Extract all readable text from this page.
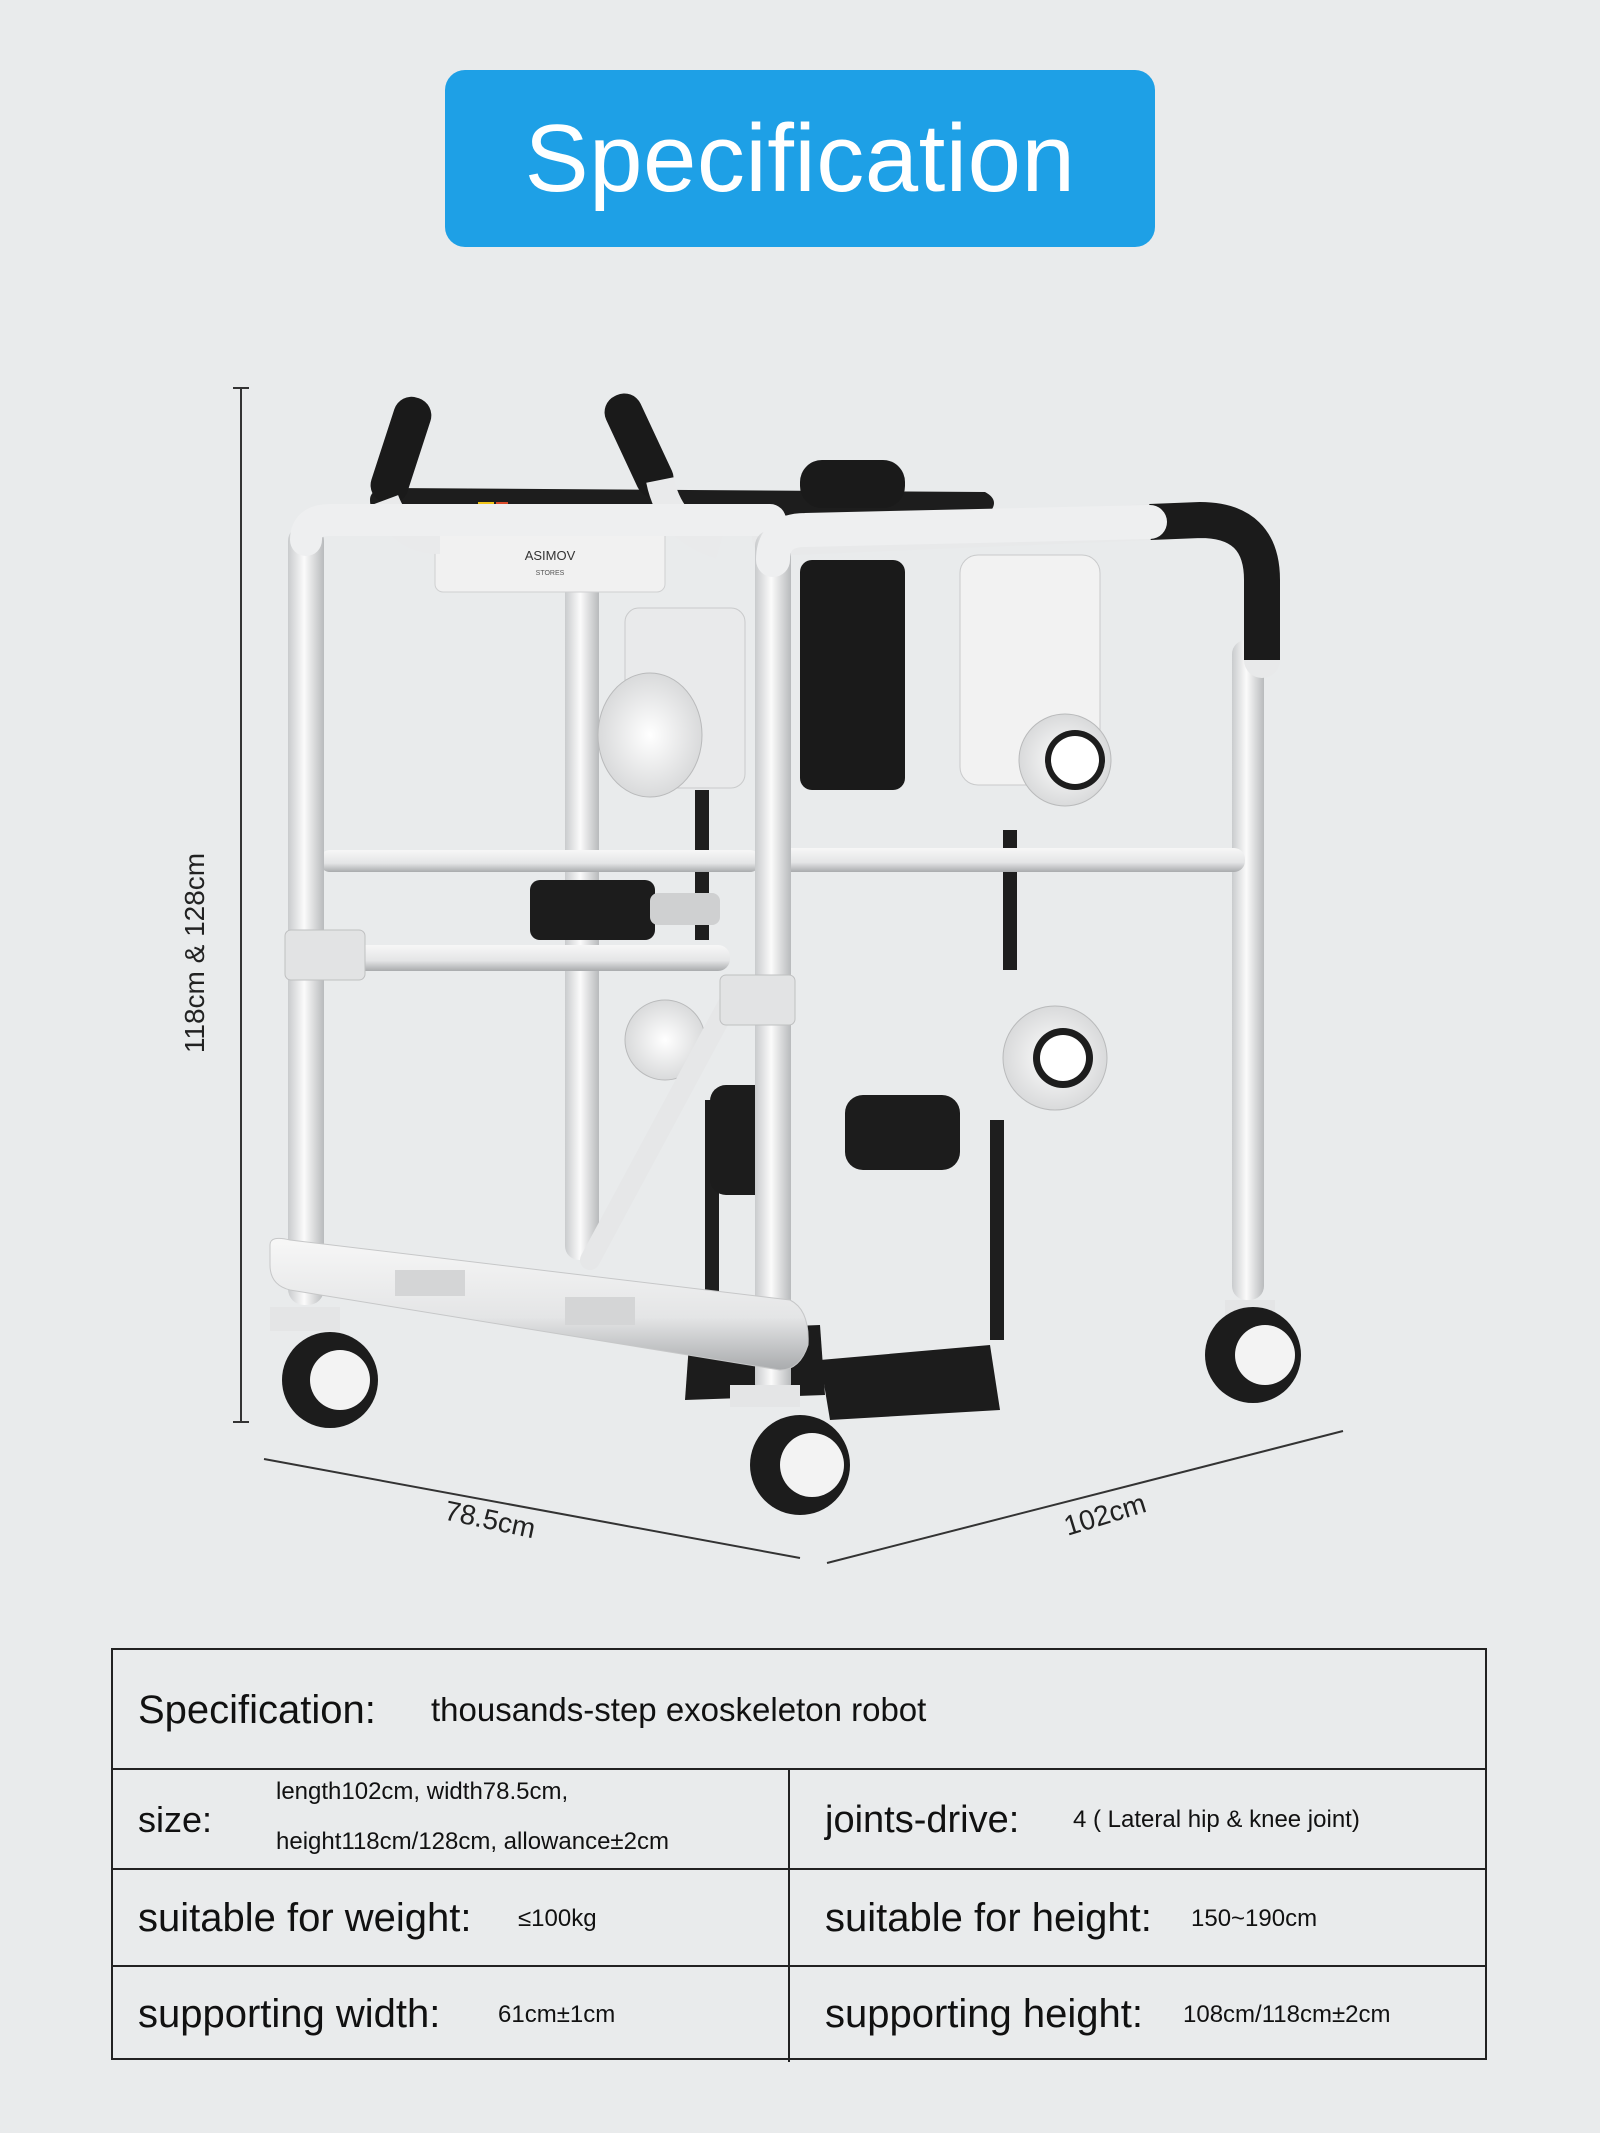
Specification
ASIMOV
STORES
118cm & 128cm
78.5cm	102cm
Specification: thousands-step exoskeleton robot
size:
length102cm, width78.5cm,
height118cm/128cm, allowance±2cm
joints-drive: 4 ( Lateral hip & knee joint)
suitable for weight: ≤100kg	suitable for height: 150~190cm
supporting width: 61cm±1cm	supporting height: 108cm/118cm±2cm
